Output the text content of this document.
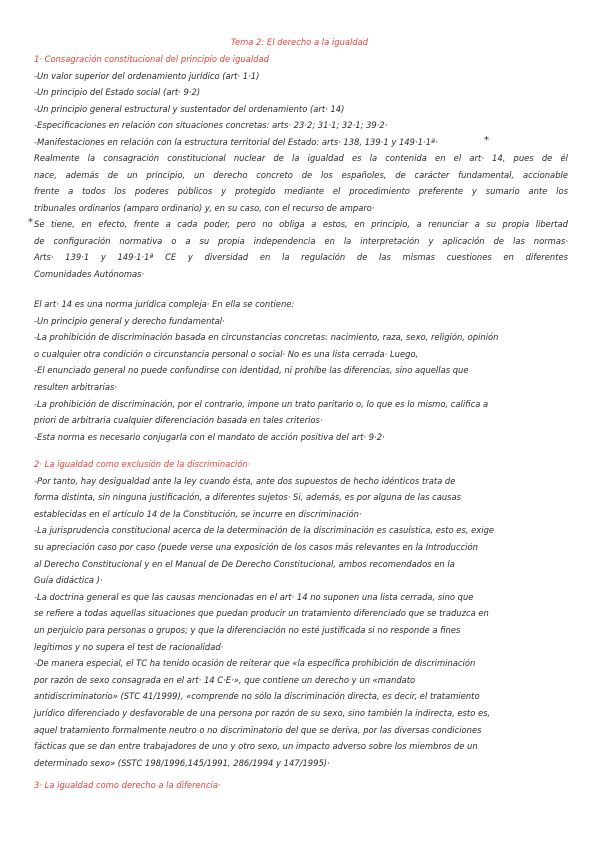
Tema 2: El derecho a la igualdad

1· Consagración constitucional del principio de igualdad

-Un valor superior del ordenamiento jurídico (art· 1·1)

-Un principio del Estado social (art· 9·2)

-Un principio general estructural y sustentador del ordenamiento (art· 14)

-Especificaciones en relación con situaciones concretas: arts· 23·2; 31·1; 32·1; 39·2·

-Manifestaciones en relación con la estructura territorial del Estado: arts· 138, 139·1 y 149·1·1ª·	*

Realmente la consagración constitucional nuclear de la igualdad es la contenida en el art· 14, pues de él

nace, además de un principio, un derecho concreto de los españoles, de carácter fundamental, accionable

frente a todos los poderes públicos y protegido mediante el procedimiento preferente y sumario ante los

tribunales ordinarios (amparo ordinario) y, en su caso, con el recurso de amparo·

* Se tiene, en efecto, frente a cada poder, pero no obliga a estos, en principio, a renunciar a su propia libertad

de configuración normativa o a su propia independencia en la interpretación y aplicación de las normas·

Arts· 139·1 y 149·1·1ª CE y diversidad en la regulación de las mismas cuestiones en diferentes

Comunidades Autónomas·

El art· 14 es una norma jurídica compleja· En ella se contiene:

-Un principio general y derecho fundamental·

-La prohibición de discriminación basada en circunstancias concretas: nacimiento, raza, sexo, religión, opinión

o cualquier otra condición o circunstancia personal o social· No es una lista cerrada· Luego,

-El enunciado general no puede confundirse con identidad, ni prohíbe las diferencias, sino aquellas que

resulten arbitrarias·

-La prohibición de discriminación, por el contrario, impone un trato paritario o, lo que es lo mismo, califica a

priori de arbitraria cualquier diferenciación basada en tales criterios·

-Esta norma es necesario conjugarla con el mandato de acción positiva del art· 9·2·

2· La igualdad como exclusión de la discriminación·

-Por tanto, hay desigualdad ante la ley cuando ésta, ante dos supuestos de hecho idénticos trata de

forma distinta, sin ninguna justificación, a diferentes sujetos· Si, además, es por alguna de las causas

establecidas en el artículo 14 de la Constitución, se incurre en discriminación·

-La jurisprudencia constitucional acerca de la determinación de la discriminación es casuística, esto es, exige

su apreciación caso por caso (puede verse una exposición de los casos más relevantes en la Introducción

al Derecho Constitucional y en el Manual de De Derecho Constitucional, ambos recomendados en la

Guía didáctica )·

-La doctrina general es que las causas mencionadas en el art· 14 no suponen una lista cerrada, sino que

se refiere a todas aquellas situaciones que puedan producir un tratamiento diferenciado que se traduzca en

un perjuicio para personas o grupos; y que la diferenciación no esté justificada si no responde a fines

legítimos y no supera el test de racionalidad·

-De manera especial, el TC ha tenido ocasión de reiterar que «la específica prohibición de discriminación

por razón de sexo consagrada en el art· 14 C·E·», que contiene un derecho y un «mandato

antidiscriminatorio» (STC 41/1999), «comprende no sólo la discriminación directa, es decir, el tratamiento

jurídico diferenciado y desfavorable de una persona por razón de su sexo, sino también la indirecta, esto es,

aquel tratamiento formalmente neutro o no discriminatorio del que se deriva, por las diversas condiciones

fácticas que se dan entre trabajadores de uno y otro sexo, un impacto adverso sobre los miembros de un

determinado sexo» (SSTC 198/1996,145/1991, 286/1994 y 147/1995)·

3· La igualdad como derecho a la diferencia·
